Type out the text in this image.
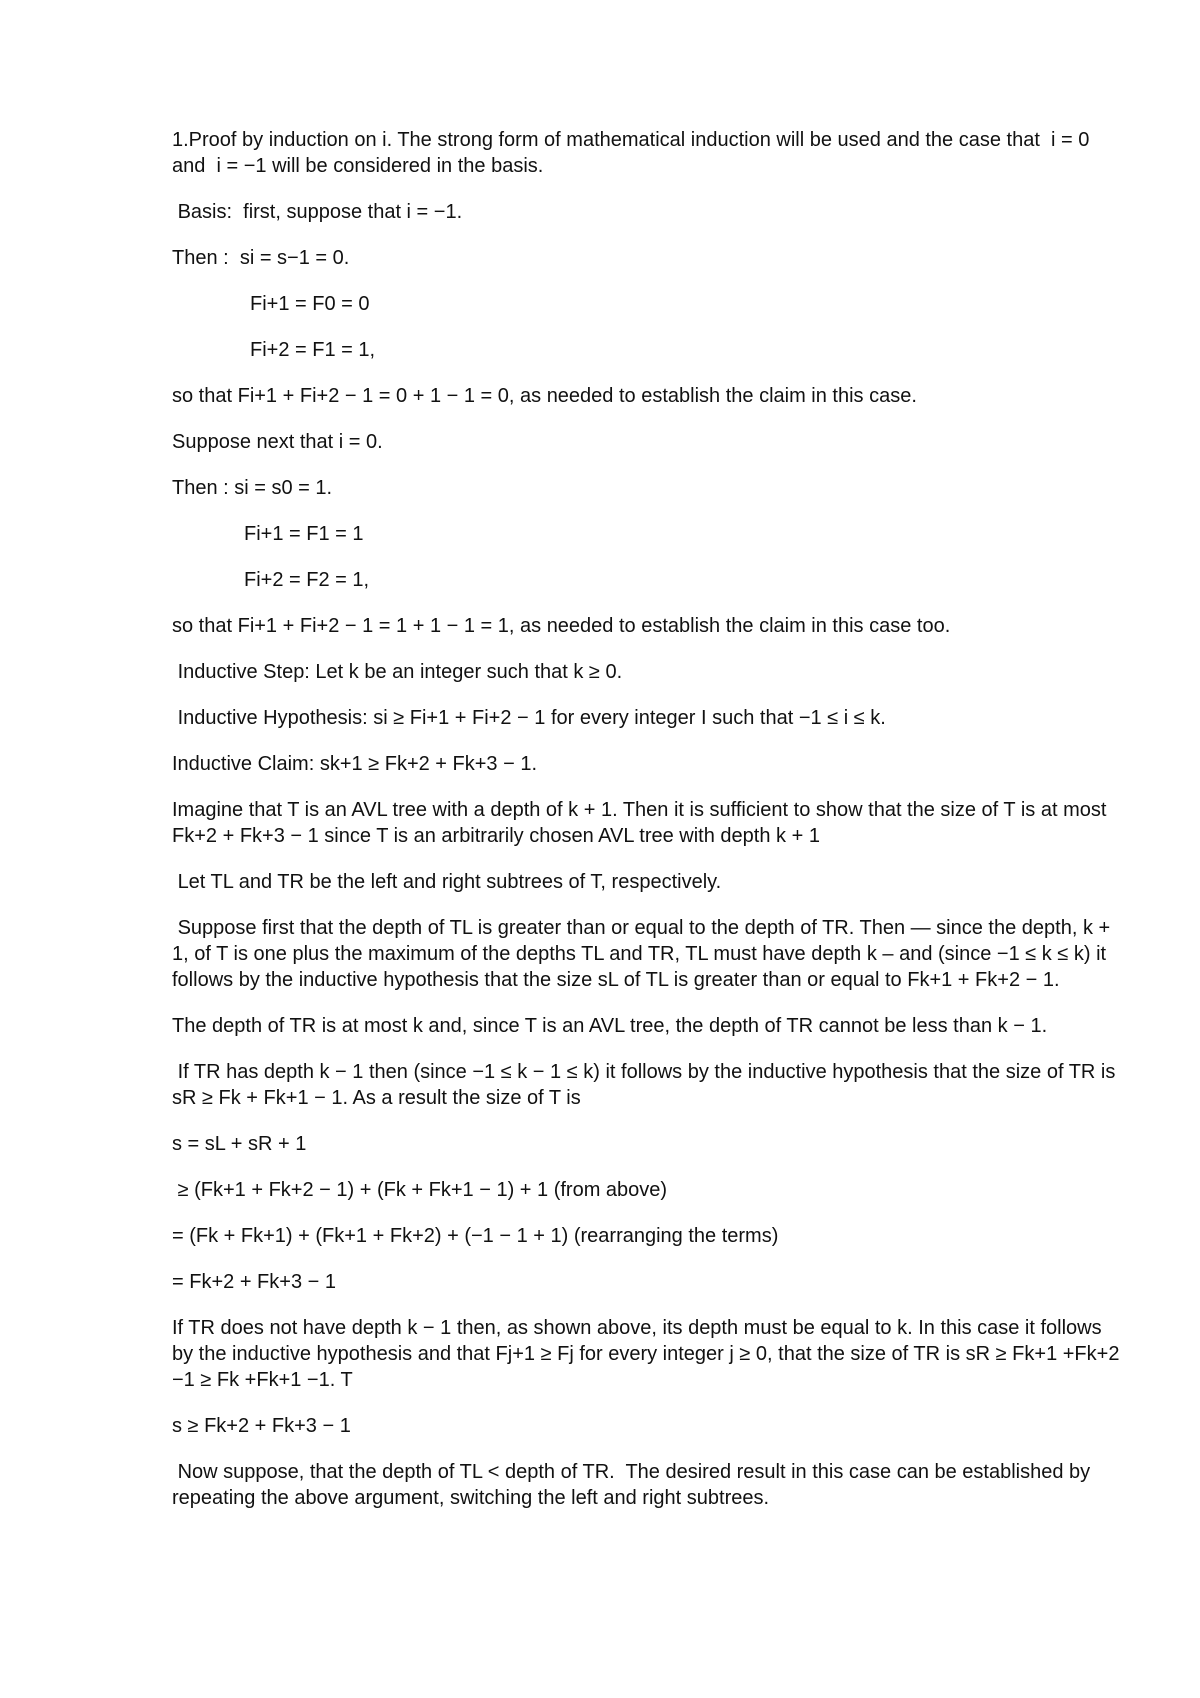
1.Proof by induction on i. The strong form of mathematical induction will be used and the case that  i = 0 and  i = −1 will be considered in the basis.

Basis:  first, suppose that i = −1.

Then :  si = s−1 = 0.

Fi+1 = F0 = 0

Fi+2 = F1 = 1,

so that Fi+1 + Fi+2 − 1 = 0 + 1 − 1 = 0, as needed to establish the claim in this case.

Suppose next that i = 0.

Then : si = s0 = 1.

Fi+1 = F1 = 1

Fi+2 = F2 = 1,

so that Fi+1 + Fi+2 − 1 = 1 + 1 − 1 = 1, as needed to establish the claim in this case too.

Inductive Step: Let k be an integer such that k ≥ 0.

Inductive Hypothesis: si ≥ Fi+1 + Fi+2 − 1 for every integer I such that −1 ≤ i ≤ k.

Inductive Claim: sk+1 ≥ Fk+2 + Fk+3 − 1.

Imagine that T is an AVL tree with a depth of k + 1. Then it is sufficient to show that the size of T is at most Fk+2 + Fk+3 − 1 since T is an arbitrarily chosen AVL tree with depth k + 1

Let TL and TR be the left and right subtrees of T, respectively.

Suppose first that the depth of TL is greater than or equal to the depth of TR. Then — since the depth, k + 1, of T is one plus the maximum of the depths TL and TR, TL must have depth k – and (since −1 ≤ k ≤ k) it follows by the inductive hypothesis that the size sL of TL is greater than or equal to Fk+1 + Fk+2 − 1.

The depth of TR is at most k and, since T is an AVL tree, the depth of TR cannot be less than k − 1.

If TR has depth k − 1 then (since −1 ≤ k − 1 ≤ k) it follows by the inductive hypothesis that the size of TR is sR ≥ Fk + Fk+1 − 1. As a result the size of T is

s = sL + sR + 1

≥ (Fk+1 + Fk+2 − 1) + (Fk + Fk+1 − 1) + 1 (from above)

= (Fk + Fk+1) + (Fk+1 + Fk+2) + (−1 − 1 + 1) (rearranging the terms)

= Fk+2 + Fk+3 − 1

If TR does not have depth k − 1 then, as shown above, its depth must be equal to k. In this case it follows by the inductive hypothesis and that Fj+1 ≥ Fj for every integer j ≥ 0, that the size of TR is sR ≥ Fk+1 +Fk+2 −1 ≥ Fk +Fk+1 −1. T

s ≥ Fk+2 + Fk+3 − 1

Now suppose, that the depth of TL < depth of TR.  The desired result in this case can be established by repeating the above argument, switching the left and right subtrees.
